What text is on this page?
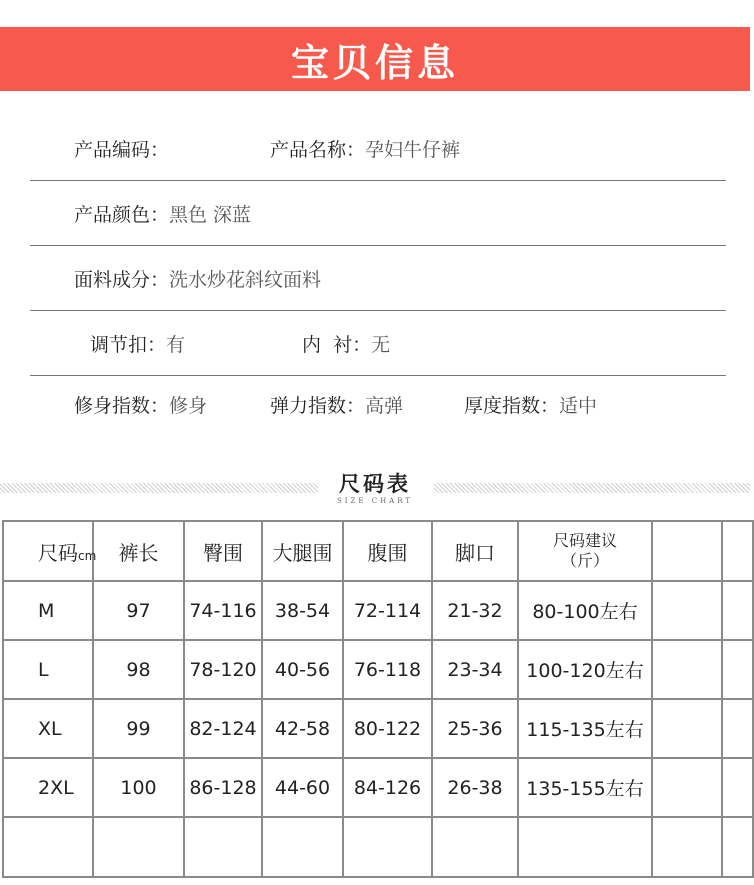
宝贝信息
产品编码：	产品名称： 孕妇牛仔裤
产品颜色： 黑色 深蓝
面料成分： 洗水炒花斜纹面料
调节扣： 有	内  衬： 无
修身指数： 修身	弹力指数： 高弹	厚度指数： 适中
尺码表
SIZE CHART
尺码cm	裤长	臀围	大腿围	腹围	脚口	尺码建议
（斤）		
M	97	74-116	38-54	72-114	21-32	80-100左右		
L	98	78-120	40-56	76-118	23-34	100-120左右		
XL	99	82-124	42-58	80-122	25-36	115-135左右		
2XL	100	86-128	44-60	84-126	26-38	135-155左右		
